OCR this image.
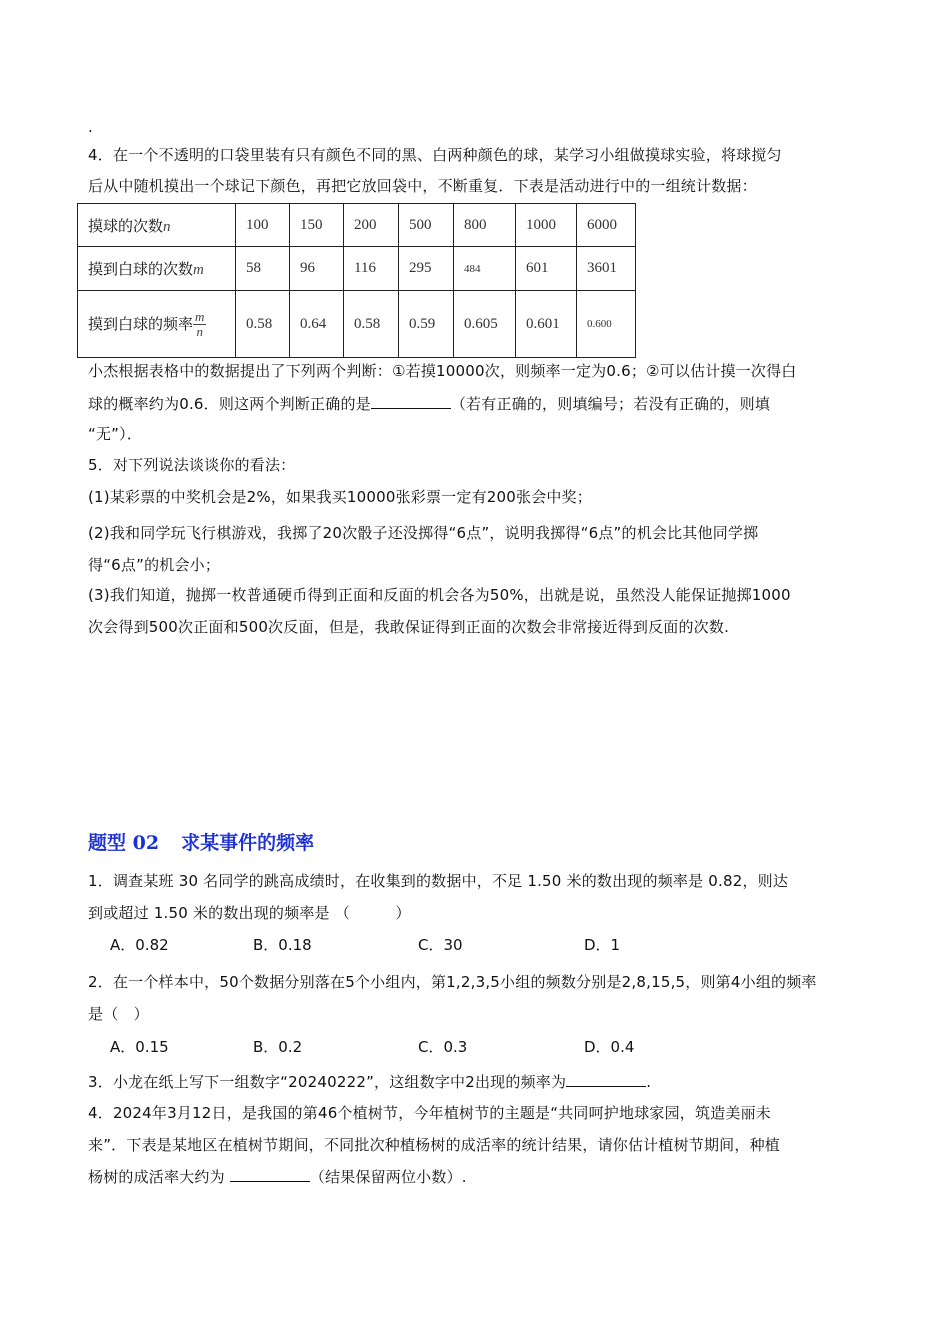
.
4．在一个不透明的口袋里装有只有颜色不同的黑、白两种颜色的球，某学习小组做摸球实验，将球搅匀
后从中随机摸出一个球记下颜色，再把它放回袋中，不断重复．下表是活动进行中的一组统计数据：
摸球的次数n	100	150	200	500	800	1000	6000
摸到白球的次数m	58	96	116	295	484	601	3601
摸到白球的频率 $\frac{m}{n}$	0.58	0.64	0.58	0.59	0.605	0.601	0.600
小杰根据表格中的数据提出了下列两个判断：①若摸10000次，则频率一定为0.6；②可以估计摸一次得白
球的概率约为0.6．则这两个判断正确的是	（若有正确的，则填编号；若没有正确的，则填
“无”）．
5．对下列说法谈谈你的看法：
(1)某彩票的中奖机会是2%，如果我买10000张彩票一定有200张会中奖；
(2)我和同学玩飞行棋游戏，我掷了20次骰子还没掷得“6点”，说明我掷得“6点”的机会比其他同学掷
得“6点”的机会小；
(3)我们知道，抛掷一枚普通硬币得到正面和反面的机会各为50%，出就是说，虽然没人能保证抛掷1000
次会得到500次正面和500次反面，但是，我敢保证得到正面的次数会非常接近得到反面的次数.
题型 02 求某事件的频率
1．调查某班 30 名同学的跳高成绩时，在收集到的数据中，不足 1.50 米的数出现的频率是 0.82，则达
到或超过 1.50 米的数出现的频率是 （　　　）
A．0.82	B．0.18	C．30	D．1
2．在一个样本中，50个数据分别落在5个小组内，第1,2,3,5小组的频数分别是2,8,15,5，则第4小组的频率
是（　）
A．0.15	B．0.2	C．0.3	D．0.4
3．小龙在纸上写下一组数字“20240222”，这组数字中2出现的频率为	.
4．2024年3月12日，是我国的第46个植树节，今年植树节的主题是“共同呵护地球家园，筑造美丽未
来”．下表是某地区在植树节期间，不同批次种植杨树的成活率的统计结果，请你估计植树节期间，种植
杨树的成活率大约为	（结果保留两位小数）.
